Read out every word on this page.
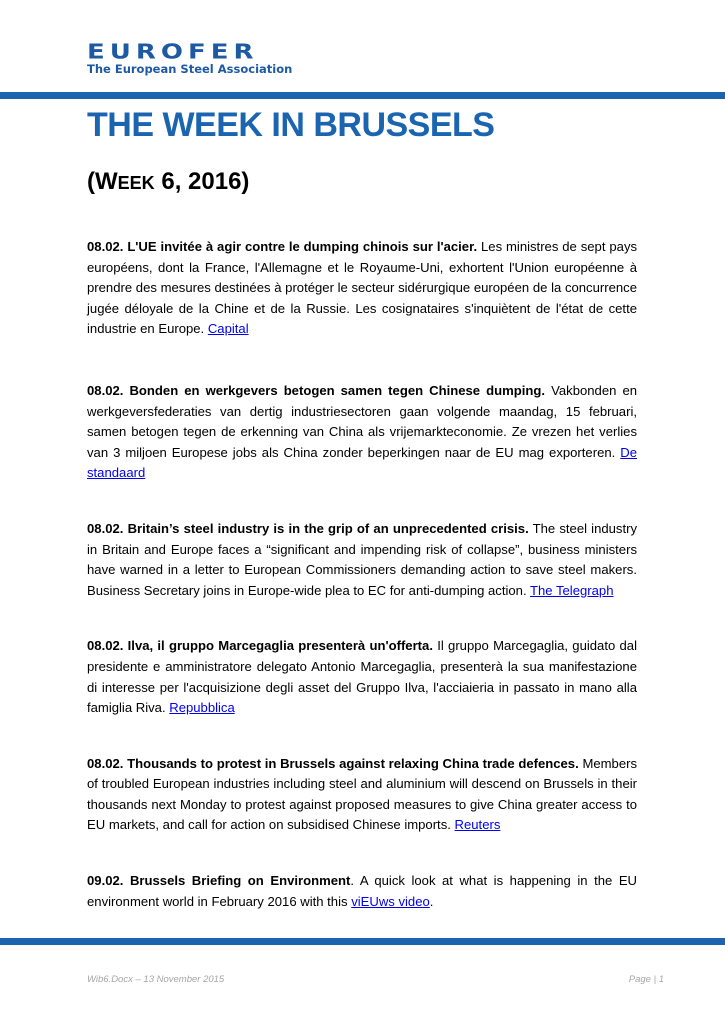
EUROFER
The European Steel Association
THE WEEK IN BRUSSELS
(WEEK 6, 2016)

08.02. L'UE invitée à agir contre le dumping chinois sur l'acier. Les ministres de sept pays européens, dont la France, l'Allemagne et le Royaume-Uni, exhortent l'Union européenne à prendre des mesures destinées à protéger le secteur sidérurgique européen de la concurrence jugée déloyale de la Chine et de la Russie. Les cosignataires s'inquiètent de l'état de cette industrie en Europe. Capital

08.02. Bonden en werkgevers betogen samen tegen Chinese dumping. Vakbonden en werkgeversfederaties van dertig industriesectoren gaan volgende maandag, 15 februari, samen betogen tegen de erkenning van China als vrijemarkteconomie. Ze vrezen het verlies van 3 miljoen Europese jobs als China zonder beperkingen naar de EU mag exporteren. De standaard

08.02. Britain’s steel industry is in the grip of an unprecedented crisis. The steel industry in Britain and Europe faces a “significant and impending risk of collapse”, business ministers have warned in a letter to European Commissioners demanding action to save steel makers. Business Secretary joins in Europe-wide plea to EC for anti-dumping action. The Telegraph

08.02. Ilva, il gruppo Marcegaglia presenterà un'offerta. Il gruppo Marcegaglia, guidato dal presidente e amministratore delegato Antonio Marcegaglia, presenterà la sua manifestazione di interesse per l'acquisizione degli asset del Gruppo Ilva, l'acciaieria in passato in mano alla famiglia Riva. Repubblica

08.02. Thousands to protest in Brussels against relaxing China trade defences. Members of troubled European industries including steel and aluminium will descend on Brussels in their thousands next Monday to protest against proposed measures to give China greater access to EU markets, and call for action on subsidised Chinese imports. Reuters

09.02. Brussels Briefing on Environment. A quick look at what is happening in the EU environment world in February 2016 with this viEUws video.

Wib6.Docx – 13 November 2015	Page | 1
